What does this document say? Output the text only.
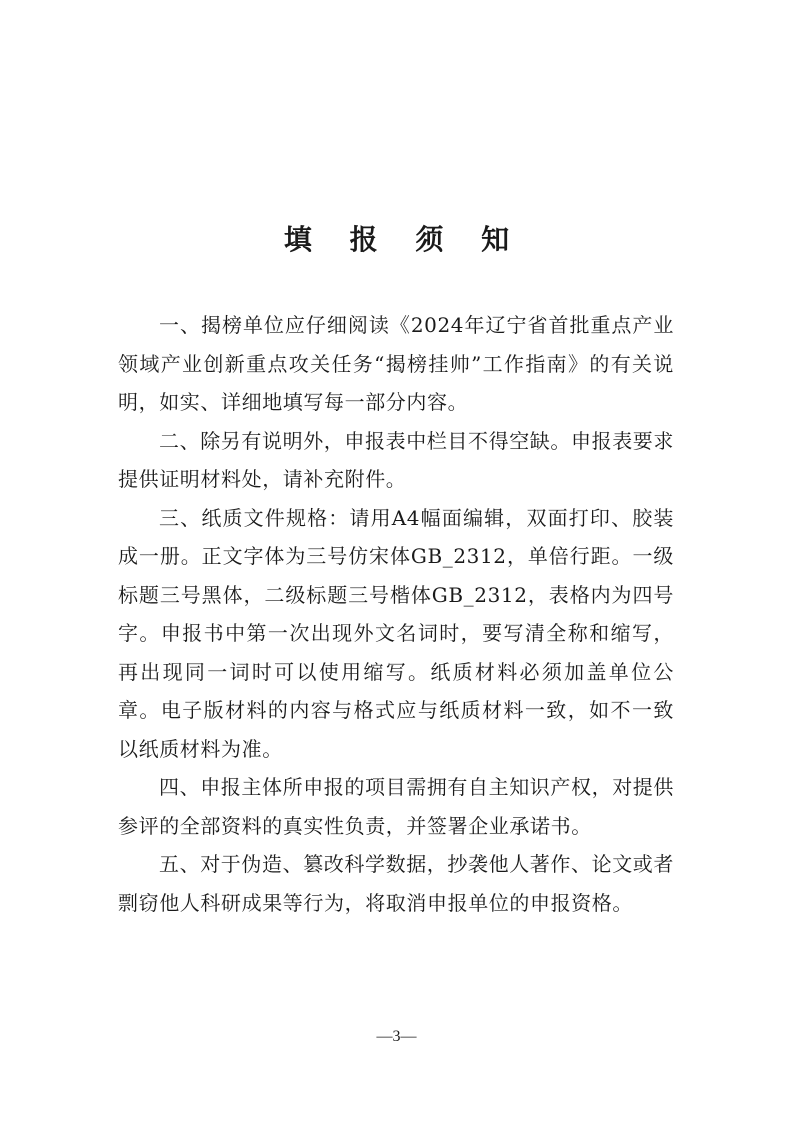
填 报 须 知

一、揭榜单位应仔细阅读《2024年辽宁省首批重点产业领域产业创新重点攻关任务“揭榜挂帅”工作指南》的有关说明，如实、详细地填写每一部分内容。

二、除另有说明外，申报表中栏目不得空缺。申报表要求提供证明材料处，请补充附件。

三、纸质文件规格：请用A4幅面编辑，双面打印、胶装成一册。正文字体为三号仿宋体GB_2312，单倍行距。一级标题三号黑体，二级标题三号楷体GB_2312，表格内为四号字。申报书中第一次出现外文名词时，要写清全称和缩写，再出现同一词时可以使用缩写。纸质材料必须加盖单位公章。电子版材料的内容与格式应与纸质材料一致，如不一致以纸质材料为准。

四、申报主体所申报的项目需拥有自主知识产权，对提供参评的全部资料的真实性负责，并签署企业承诺书。

五、对于伪造、篡改科学数据，抄袭他人著作、论文或者剽窃他人科研成果等行为，将取消申报单位的申报资格。

—3—
